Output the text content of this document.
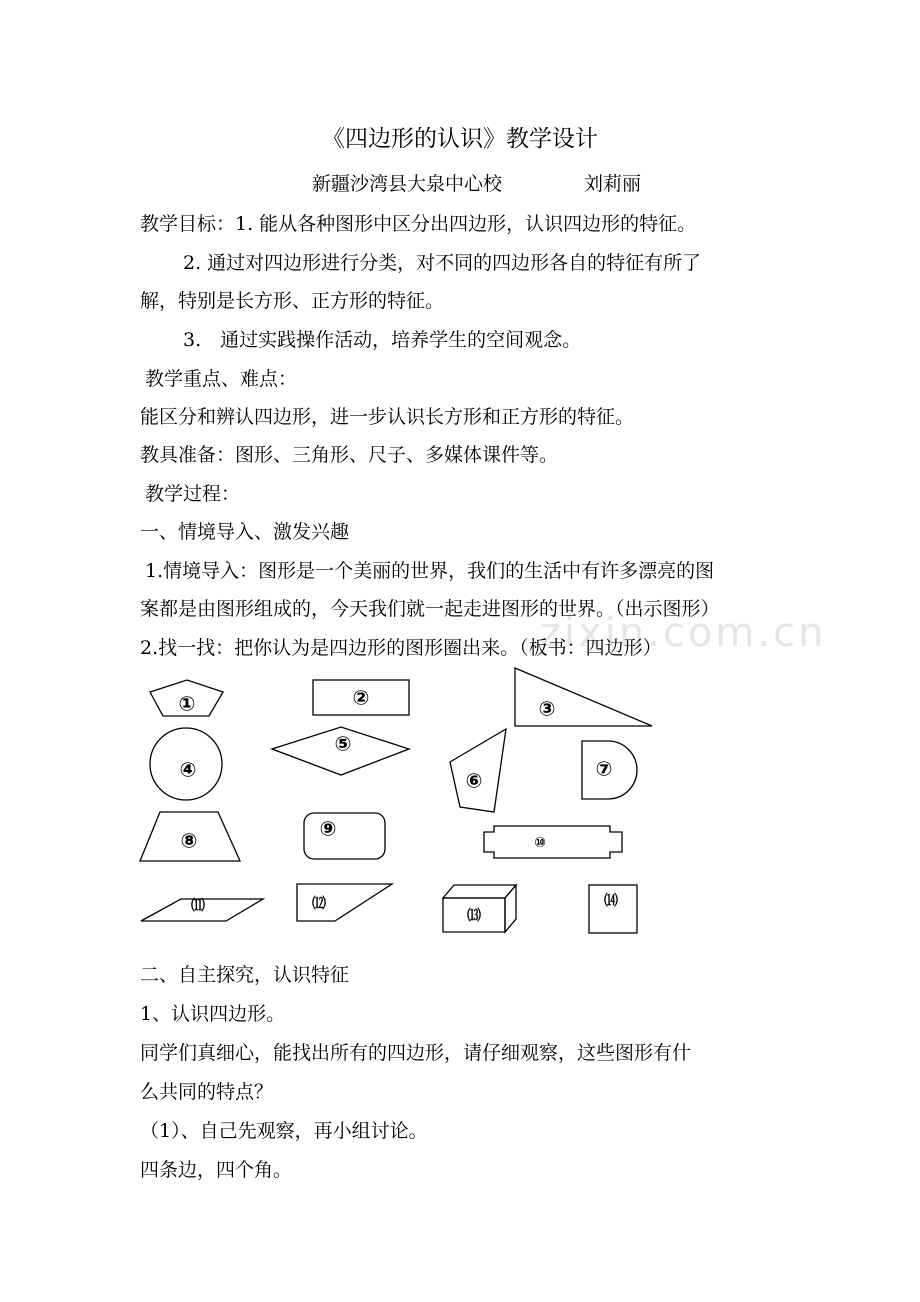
zixin.com.cn
《四边形的认识》教学设计
新疆沙湾县大泉中心校	刘莉丽
教学目标：1. 能从各种图形中区分出四边形，认识四边形的特征。
2. 通过对四边形进行分类，对不同的四边形各自的特征有所了
解，特别是长方形、正方形的特征。
3.　通过实践操作活动，培养学生的空间观念。
教学重点、难点：
能区分和辨认四边形，进一步认识长方形和正方形的特征。
教具准备：图形、三角形、尺子、多媒体课件等。
教学过程：
一、情境导入、激发兴趣
1.情境导入：图形是一个美丽的世界，我们的生活中有许多漂亮的图
案都是由图形组成的，今天我们就一起走进图形的世界。（出示图形）
2.找一找：把你认为是四边形的图形圈出来。（板书：四边形）
①	②	③
④
⑤
⑥	⑦
⑧	⑨
⑩
⑾	⑿
⒀
⒁
二、自主探究，认识特征
1、认识四边形。
同学们真细心，能找出所有的四边形，请仔细观察，这些图形有什
么共同的特点？
（1）、自己先观察，再小组讨论。
四条边，四个角。
